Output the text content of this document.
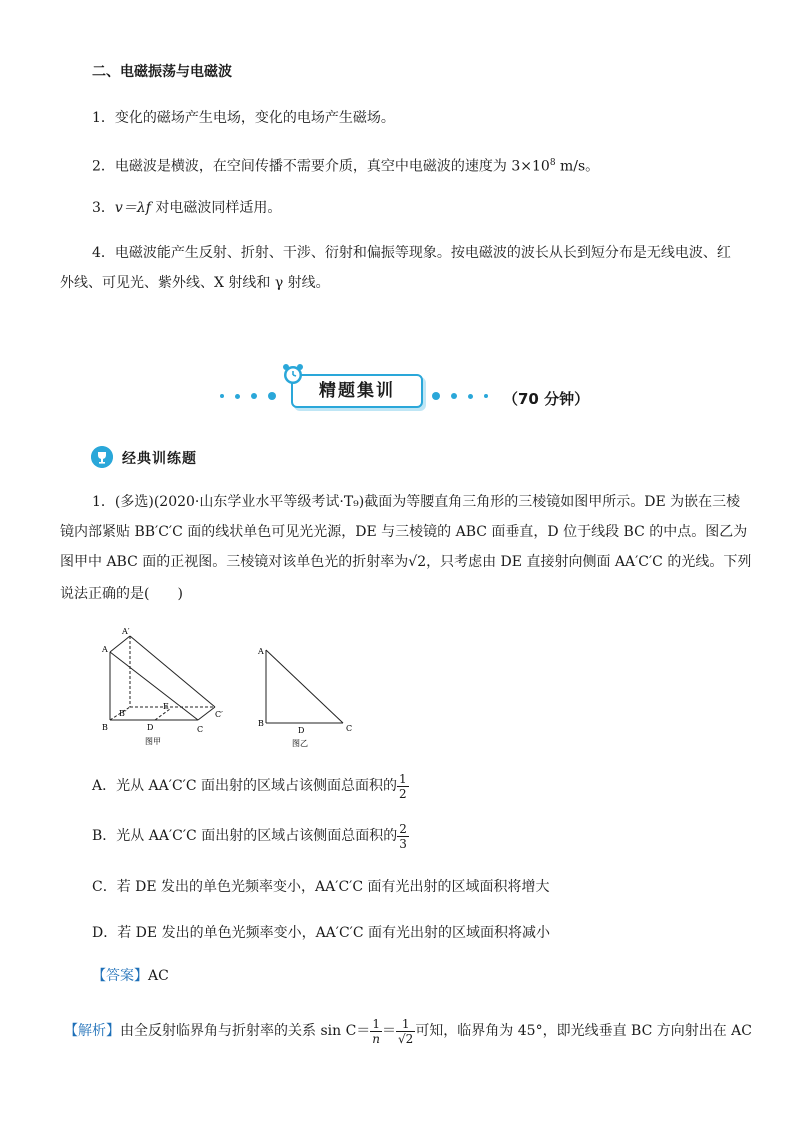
二、电磁振荡与电磁波
1．变化的磁场产生电场，变化的电场产生磁场。
2．电磁波是横波，在空间传播不需要介质，真空中电磁波的速度为 $3\times 10^8$ m/s。
3．v＝λf 对电磁波同样适用。
4．电磁波能产生反射、折射、干涉、衍射和偏振等现象。按电磁波的波长从长到短分布是无线电波、红
外线、可见光、紫外线、X 射线和 γ 射线。
精题集训	（70 分钟）
经典训练题
1．(多选)(2020·山东学业水平等级考试·T₉)截面为等腰直角三角形的三棱镜如图甲所示。DE 为嵌在三棱
镜内部紧贴 BB′C′C 面的线状单色可见光光源，DE 与三棱镜的 ABC 面垂直，D 位于线段 BC 的中点。图乙为
图甲中 ABC 面的正视图。三棱镜对该单色光的折射率为√2，只考虑由 DE 直接射向侧面 AA′C′C 的光线。下列
说法正确的是(　　)
A′
A
B′
B
E
D	C
C′
图甲
A
B
D	C
图乙
A．光从 AA′C′C 面出射的区域占该侧面总面积的 $\frac{1}{2}$
B．光从 AA′C′C 面出射的区域占该侧面总面积的 $\frac{2}{3}$
C．若 DE 发出的单色光频率变小，AA′C′C 面有光出射的区域面积将增大
D．若 DE 发出的单色光频率变小，AA′C′C 面有光出射的区域面积将减小
【答案】AC
【解析】由全反射临界角与折射率的关系 $\sin C= \frac{1}{n} = \frac{1}{√2}$ 可知，临界角为 45°，即光线垂直 BC 方向射出在 AC
